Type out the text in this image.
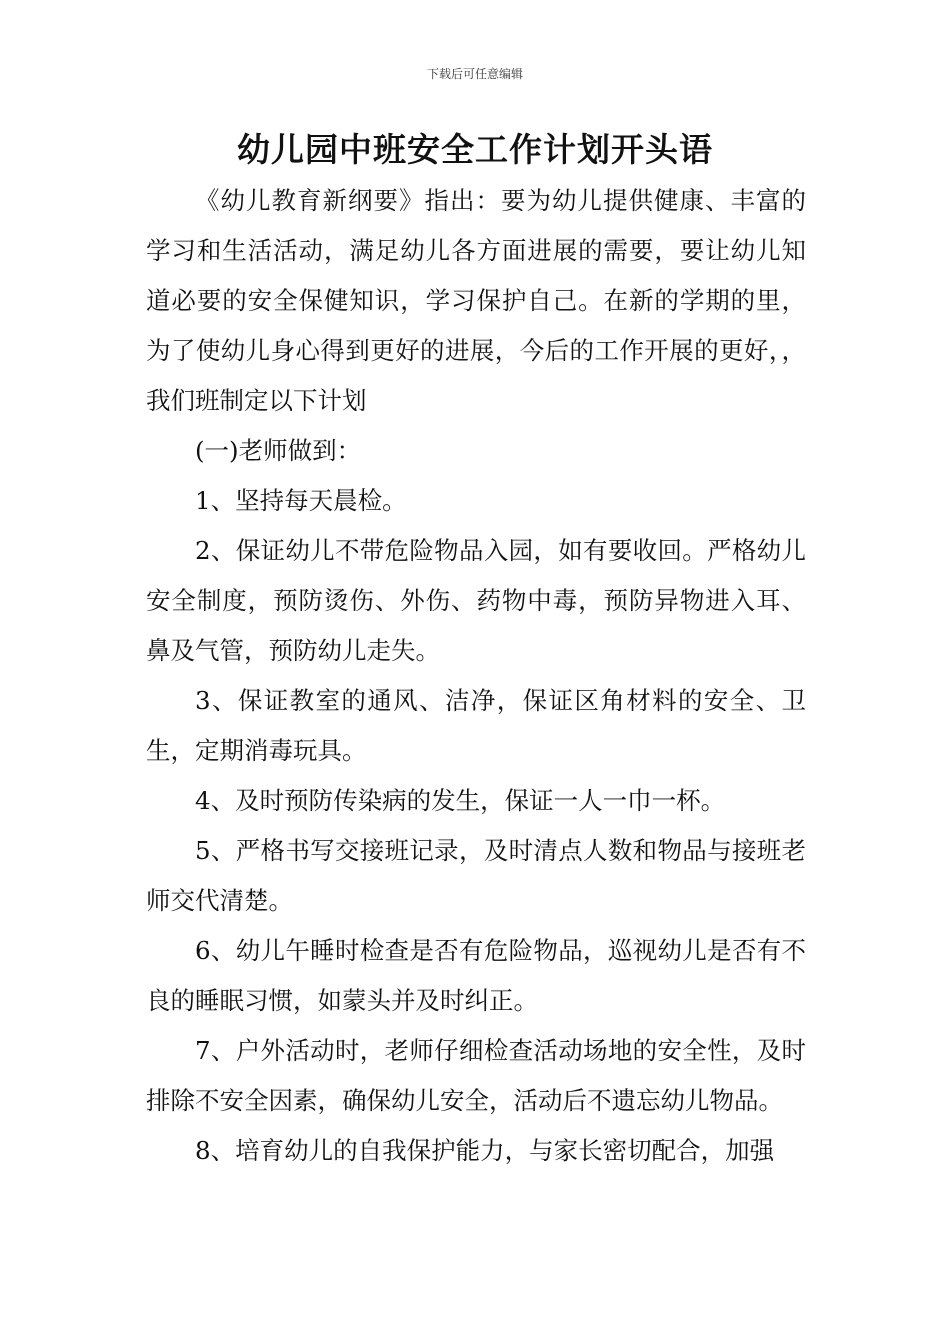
下载后可任意编辑
幼儿园中班安全工作计划开头语

《幼儿教育新纲要》指出：要为幼儿提供健康、丰富的学习和生活活动，满足幼儿各方面进展的需要，要让幼儿知道必要的安全保健知识，学习保护自己。在新的学期的里，为了使幼儿身心得到更好的进展，今后的工作开展的更好，，我们班制定以下计划

(一)老师做到：

1、坚持每天晨检。

2、保证幼儿不带危险物品入园，如有要收回。严格幼儿安全制度，预防烫伤、外伤、药物中毒，预防异物进入耳、鼻及气管，预防幼儿走失。

3、保证教室的通风、洁净，保证区角材料的安全、卫生，定期消毒玩具。

4、及时预防传染病的发生，保证一人一巾一杯。

5、严格书写交接班记录，及时清点人数和物品与接班老师交代清楚。

6、幼儿午睡时检查是否有危险物品，巡视幼儿是否有不良的睡眠习惯，如蒙头并及时纠正。

7、户外活动时，老师仔细检查活动场地的安全性，及时排除不安全因素，确保幼儿安全，活动后不遗忘幼儿物品。

8、培育幼儿的自我保护能力，与家长密切配合，加强
